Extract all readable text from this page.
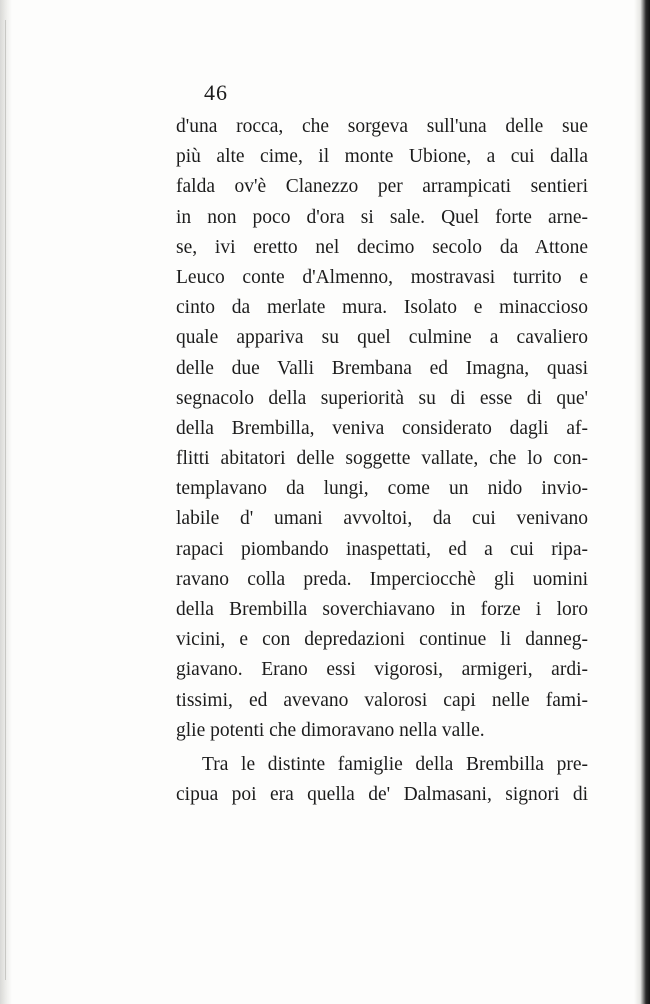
46
d'una rocca, che sorgeva sull'una delle sue
più alte cime, il monte Ubione, a cui dalla
falda ov'è Clanezzo per arrampicati sentieri
in non poco d'ora si sale. Quel forte arne-
se, ivi eretto nel decimo secolo da Attone
Leuco conte d'Almenno, mostravasi turrito e
cinto da merlate mura. Isolato e minaccioso
quale appariva su quel culmine a cavaliero
delle due Valli Brembana ed Imagna, quasi
segnacolo della superiorità su di esse di que'
della Brembilla, veniva considerato dagli af-
flitti abitatori delle soggette vallate, che lo con-
templavano da lungi, come un nido invio-
labile d' umani avvoltoi, da cui venivano
rapaci piombando inaspettati, ed a cui ripa-
ravano colla preda. Imperciocchè gli uomini
della Brembilla soverchiavano in forze i loro
vicini, e con depredazioni continue li danneg-
giavano. Erano essi vigorosi, armigeri, ardi-
tissimi, ed avevano valorosi capi nelle fami-
glie potenti che dimoravano nella valle.
Tra le distinte famiglie della Brembilla pre-
cipua poi era quella de' Dalmasani, signori di
